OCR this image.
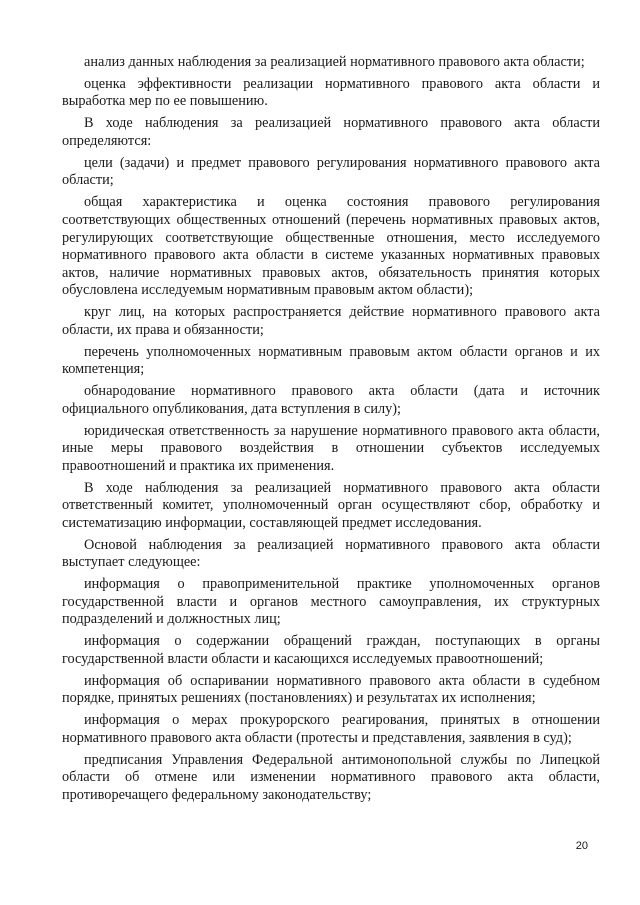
анализ данных наблюдения за реализацией нормативного правового акта области;

оценка эффективности реализации нормативного правового акта области и выработка мер по ее повышению.

В ходе наблюдения за реализацией нормативного правового акта области определяются:

цели (задачи) и предмет правового регулирования нормативного правового акта области;

общая характеристика и оценка состояния правового регулирования соответствующих общественных отношений (перечень нормативных правовых актов, регулирующих соответствующие общественные отношения, место исследуемого нормативного правового акта области в системе указанных нормативных правовых актов, наличие нормативных правовых актов, обязательность принятия которых обусловлена исследуемым нормативным правовым актом области);

круг лиц, на которых распространяется действие нормативного правового акта области, их права и обязанности;

перечень уполномоченных нормативным правовым актом области органов и их компетенция;

обнародование нормативного правового акта области (дата и источник официального опубликования, дата вступления в силу);

юридическая ответственность за нарушение нормативного правового акта области, иные меры правового воздействия в отношении субъектов исследуемых правоотношений и практика их применения.

В ходе наблюдения за реализацией нормативного правового акта области ответственный комитет, уполномоченный орган осуществляют сбор, обработку и систематизацию информации, составляющей предмет исследования.

Основой наблюдения за реализацией нормативного правового акта области выступает следующее:

информация о правоприменительной практике уполномоченных органов государственной власти и органов местного самоуправления, их структурных подразделений и должностных лиц;

информация о содержании обращений граждан, поступающих в органы государственной власти области и касающихся исследуемых правоотношений;

информация об оспаривании нормативного правового акта области в судебном порядке, принятых решениях (постановлениях) и результатах их исполнения;

информация о мерах прокурорского реагирования, принятых в отношении нормативного правового акта области (протесты и представления, заявления в суд);

предписания Управления Федеральной антимонопольной службы по Липецкой области об отмене или изменении нормативного правового акта области, противоречащего федеральному законодательству;

20
